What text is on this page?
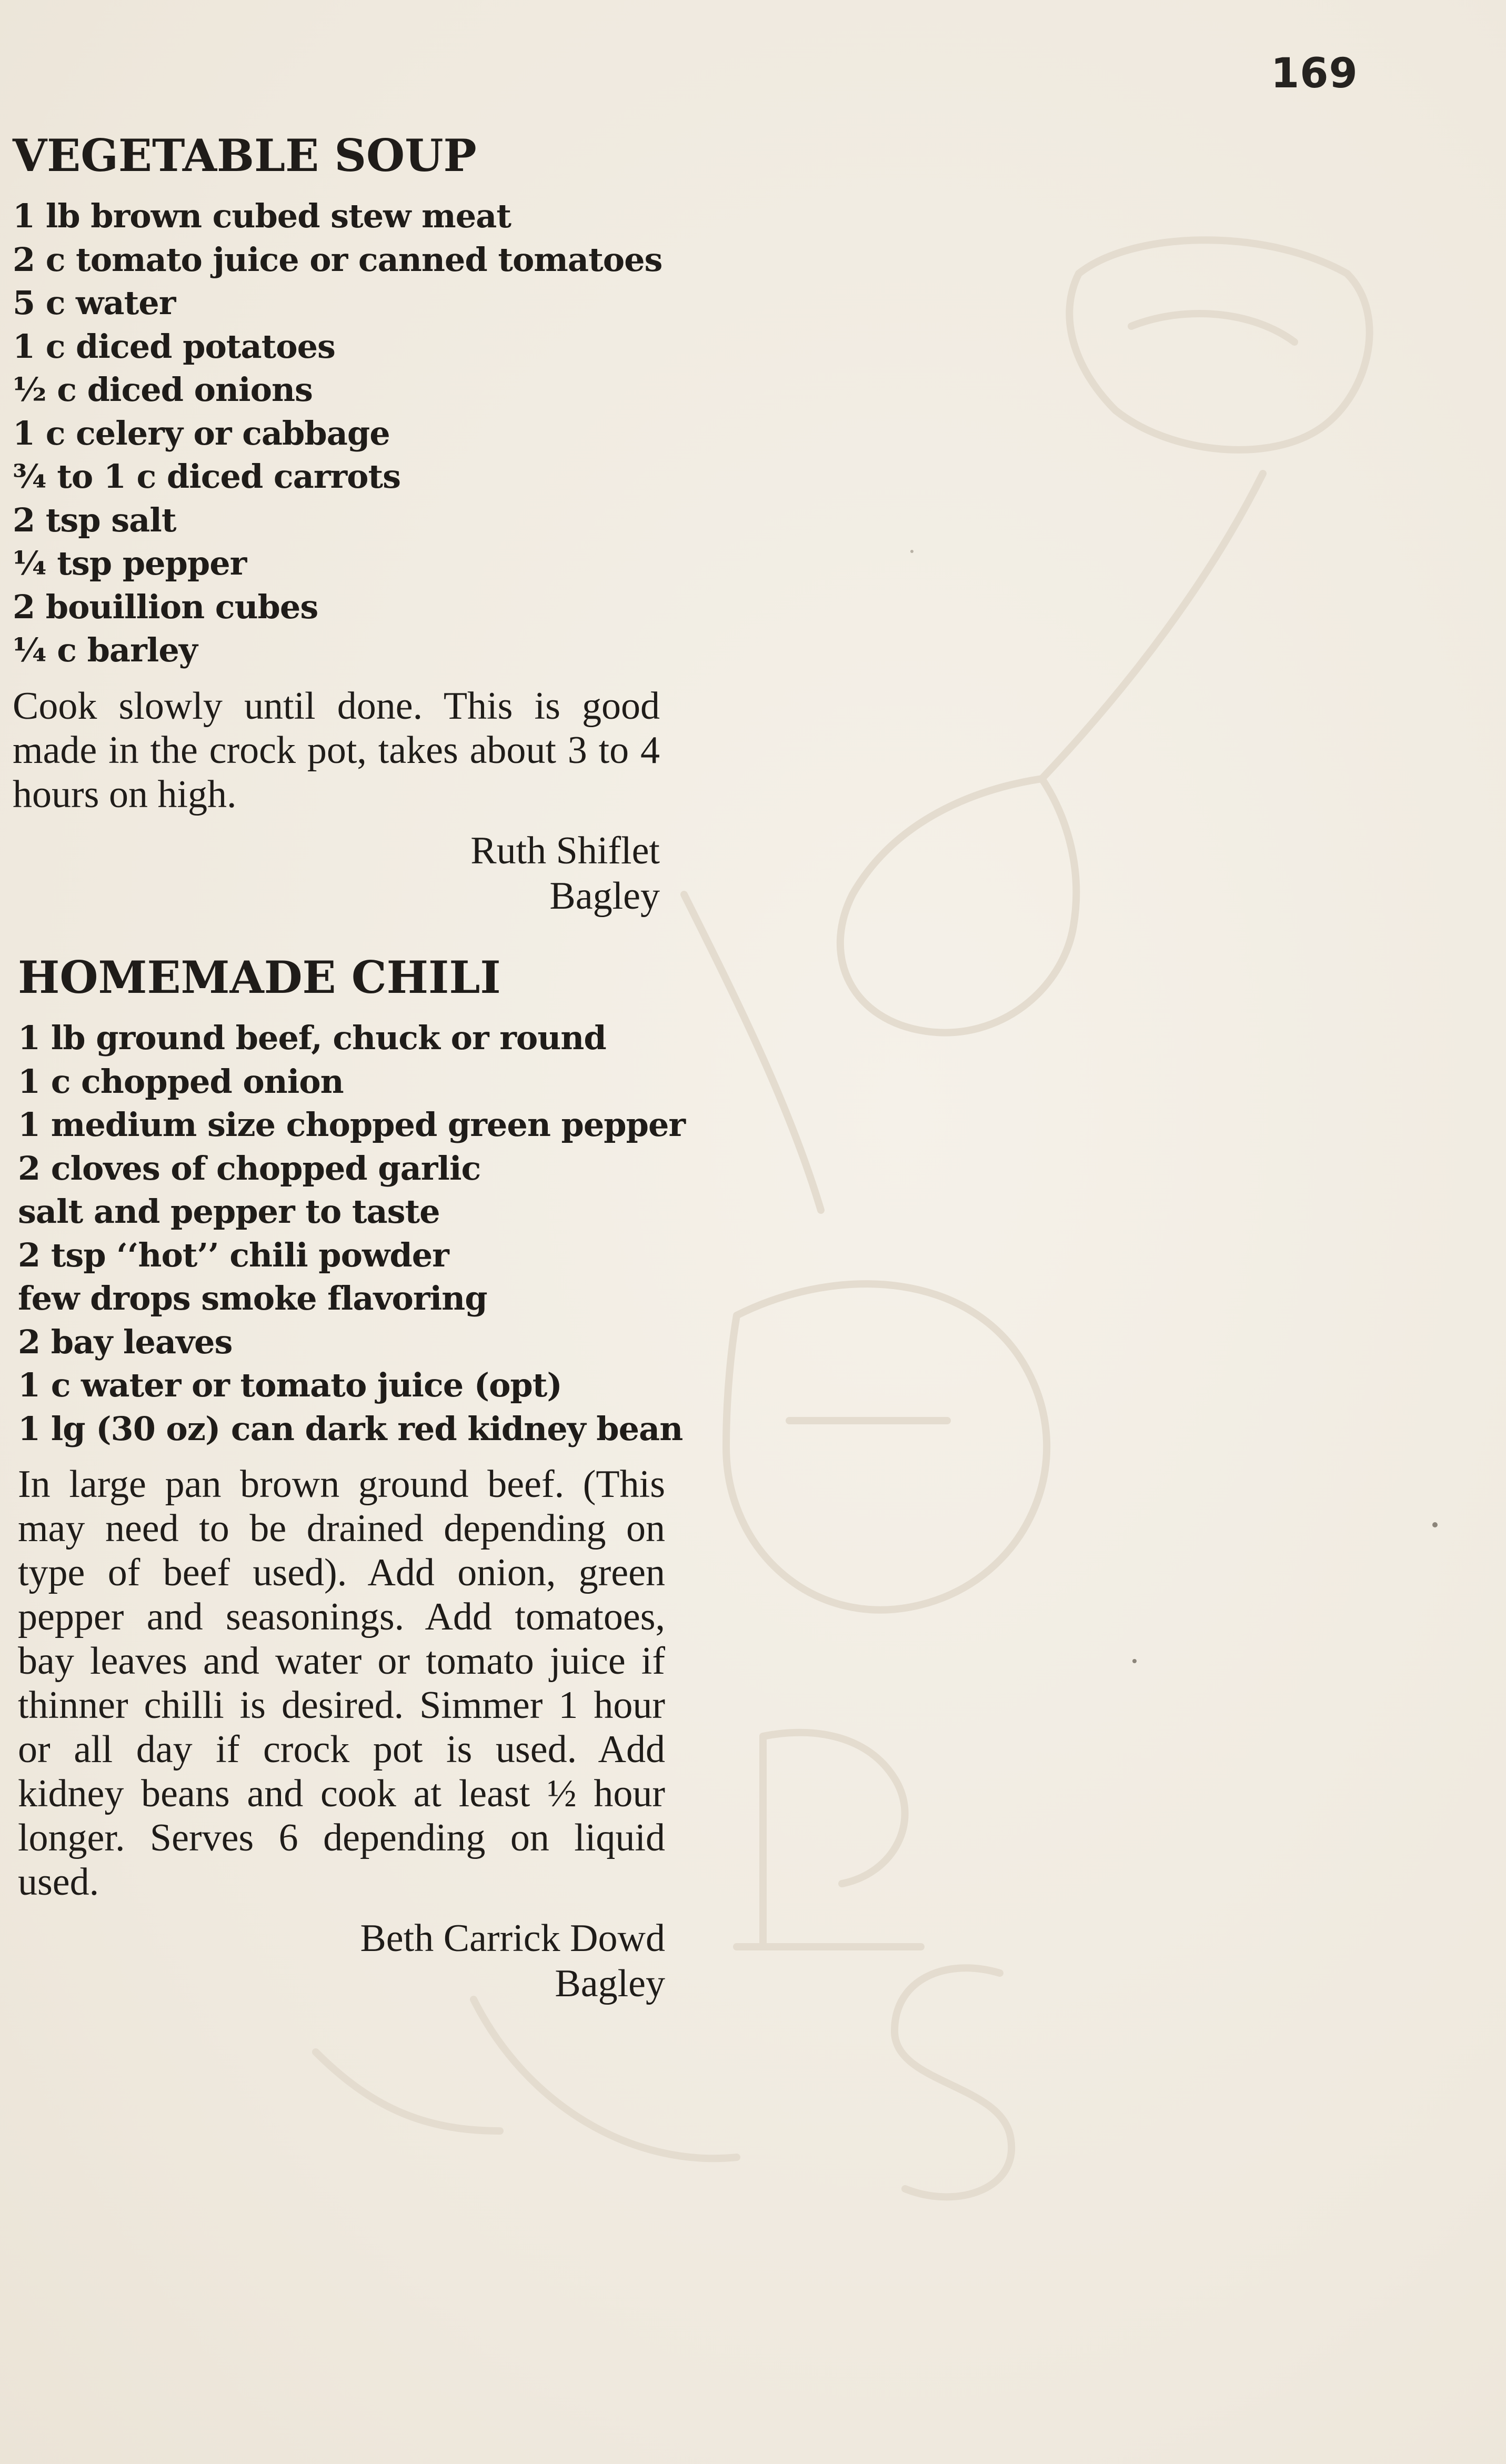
169
VEGETABLE SOUP
1 lb brown cubed stew meat
2 c tomato juice or canned tomatoes
5 c water
1 c diced potatoes
½ c diced onions
1 c celery or cabbage
¾ to 1 c diced carrots
2 tsp salt
¼ tsp pepper
2 bouillion cubes
¼ c barley

Cook slowly until done. This is good made in the crock pot, takes about 3 to 4 hours on high.

Ruth Shiflet
Bagley
HOMEMADE CHILI
1 lb ground beef, chuck or round
1 c chopped onion
1 medium size chopped green pepper
2 cloves of chopped garlic
salt and pepper to taste
2 tsp ‘‘hot’’ chili powder
few drops smoke flavoring
2 bay leaves
1 c water or tomato juice (opt)
1 lg (30 oz) can dark red kidney bean

In large pan brown ground beef. (This may need to be drained depending on type of beef used). Add onion, green pepper and seasonings. Add tomatoes, bay leaves and water or tomato juice if thinner chilli is desired. Simmer 1 hour or all day if crock pot is used. Add kidney beans and cook at least ½ hour longer. Serves 6 depending on liquid used.

Beth Carrick Dowd
Bagley
